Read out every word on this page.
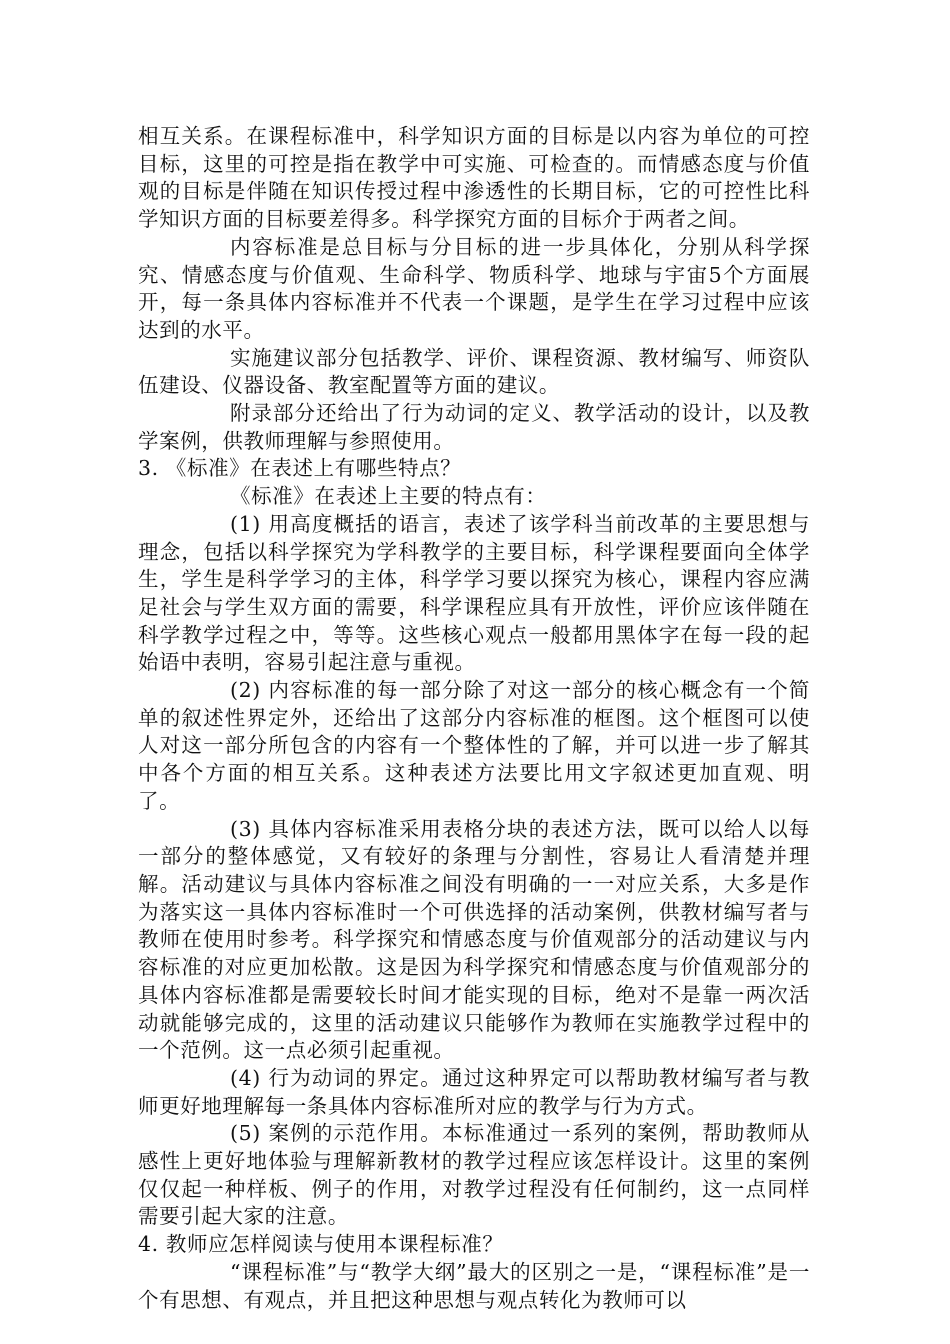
相互关系。在课程标准中，科学知识方面的目标是以内容为单位的可控目标，这里的可控是指在教学中可实施、可检查的。而情感态度与价值观的目标是伴随在知识传授过程中渗透性的长期目标，它的可控性比科学知识方面的目标要差得多。科学探究方面的目标介于两者之间。

内容标准是总目标与分目标的进一步具体化，分别从科学探究、情感态度与价值观、生命科学、物质科学、地球与宇宙5个方面展开，每一条具体内容标准并不代表一个课题，是学生在学习过程中应该达到的水平。

实施建议部分包括教学、评价、课程资源、教材编写、师资队伍建设、仪器设备、教室配置等方面的建议。

附录部分还给出了行为动词的定义、教学活动的设计，以及教学案例，供教师理解与参照使用。

3. 《标准》在表述上有哪些特点？

《标准》在表述上主要的特点有：

(1) 用高度概括的语言，表述了该学科当前改革的主要思想与理念，包括以科学探究为学科教学的主要目标，科学课程要面向全体学生，学生是科学学习的主体，科学学习要以探究为核心，课程内容应满足社会与学生双方面的需要，科学课程应具有开放性，评价应该伴随在科学教学过程之中，等等。这些核心观点一般都用黑体字在每一段的起始语中表明，容易引起注意与重视。

(2) 内容标准的每一部分除了对这一部分的核心概念有一个简单的叙述性界定外，还给出了这部分内容标准的框图。这个框图可以使人对这一部分所包含的内容有一个整体性的了解，并可以进一步了解其中各个方面的相互关系。这种表述方法要比用文字叙述更加直观、明了。

(3) 具体内容标准采用表格分块的表述方法，既可以给人以每一部分的整体感觉，又有较好的条理与分割性，容易让人看清楚并理解。活动建议与具体内容标准之间没有明确的一一对应关系，大多是作为落实这一具体内容标准时一个可供选择的活动案例，供教材编写者与教师在使用时参考。科学探究和情感态度与价值观部分的活动建议与内容标准的对应更加松散。这是因为科学探究和情感态度与价值观部分的具体内容标准都是需要较长时间才能实现的目标，绝对不是靠一两次活动就能够完成的，这里的活动建议只能够作为教师在实施教学过程中的一个范例。这一点必须引起重视。

(4) 行为动词的界定。通过这种界定可以帮助教材编写者与教师更好地理解每一条具体内容标准所对应的教学与行为方式。

(5) 案例的示范作用。本标准通过一系列的案例，帮助教师从感性上更好地体验与理解新教材的教学过程应该怎样设计。这里的案例仅仅起一种样板、例子的作用，对教学过程没有任何制约，这一点同样需要引起大家的注意。

4. 教师应怎样阅读与使用本课程标准？

“课程标准”与“教学大纲”最大的区别之一是，“课程标准”是一个有思想、有观点，并且把这种思想与观点转化为教师可以
